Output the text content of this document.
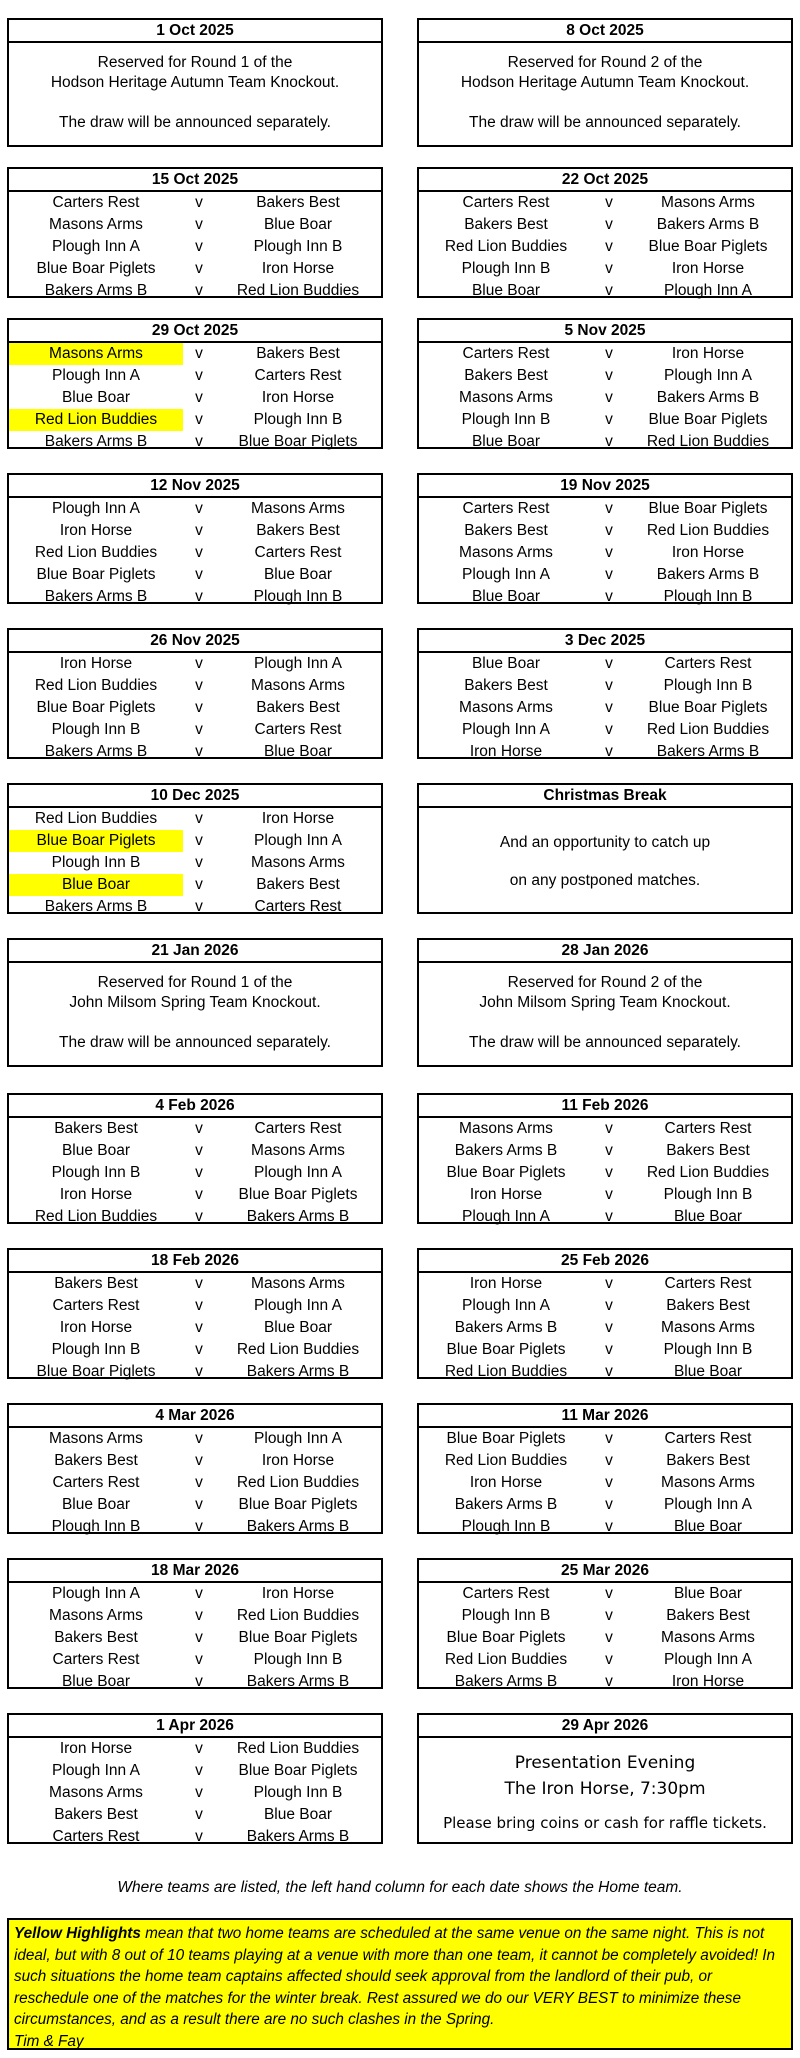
1 Oct 2025
Reserved for Round 1 of the
Hodson Heritage Autumn Team Knockout.
The draw will be announced separately.
8 Oct 2025
Reserved for Round 2 of the
Hodson Heritage Autumn Team Knockout.
The draw will be announced separately.
15 Oct 2025
Carters Rest	v	Bakers Best
Masons Arms	v	Blue Boar
Plough Inn A	v	Plough Inn B
Blue Boar Piglets	v	Iron Horse
Bakers Arms B	v	Red Lion Buddies
22 Oct 2025
Carters Rest	v	Masons Arms
Bakers Best	v	Bakers Arms B
Red Lion Buddies	v	Blue Boar Piglets
Plough Inn B	v	Iron Horse
Blue Boar	v	Plough Inn A
29 Oct 2025
Masons Arms	v	Bakers Best
Plough Inn A	v	Carters Rest
Blue Boar	v	Iron Horse
Red Lion Buddies	v	Plough Inn B
Bakers Arms B	v	Blue Boar Piglets
5 Nov 2025
Carters Rest	v	Iron Horse
Bakers Best	v	Plough Inn A
Masons Arms	v	Bakers Arms B
Plough Inn B	v	Blue Boar Piglets
Blue Boar	v	Red Lion Buddies
12 Nov 2025
Plough Inn A	v	Masons Arms
Iron Horse	v	Bakers Best
Red Lion Buddies	v	Carters Rest
Blue Boar Piglets	v	Blue Boar
Bakers Arms B	v	Plough Inn B
19 Nov 2025
Carters Rest	v	Blue Boar Piglets
Bakers Best	v	Red Lion Buddies
Masons Arms	v	Iron Horse
Plough Inn A	v	Bakers Arms B
Blue Boar	v	Plough Inn B
26 Nov 2025
Iron Horse	v	Plough Inn A
Red Lion Buddies	v	Masons Arms
Blue Boar Piglets	v	Bakers Best
Plough Inn B	v	Carters Rest
Bakers Arms B	v	Blue Boar
3 Dec 2025
Blue Boar	v	Carters Rest
Bakers Best	v	Plough Inn B
Masons Arms	v	Blue Boar Piglets
Plough Inn A	v	Red Lion Buddies
Iron Horse	v	Bakers Arms B
10 Dec 2025
Red Lion Buddies	v	Iron Horse
Blue Boar Piglets	v	Plough Inn A
Plough Inn B	v	Masons Arms
Blue Boar	v	Bakers Best
Bakers Arms B	v	Carters Rest
Christmas Break
And an opportunity to catch up
on any postponed matches.
21 Jan 2026
Reserved for Round 1 of the
John Milsom Spring Team Knockout.
The draw will be announced separately.
28 Jan 2026
Reserved for Round 2 of the
John Milsom Spring Team Knockout.
The draw will be announced separately.
4 Feb 2026
Bakers Best	v	Carters Rest
Blue Boar	v	Masons Arms
Plough Inn B	v	Plough Inn A
Iron Horse	v	Blue Boar Piglets
Red Lion Buddies	v	Bakers Arms B
11 Feb 2026
Masons Arms	v	Carters Rest
Bakers Arms B	v	Bakers Best
Blue Boar Piglets	v	Red Lion Buddies
Iron Horse	v	Plough Inn B
Plough Inn A	v	Blue Boar
18 Feb 2026
Bakers Best	v	Masons Arms
Carters Rest	v	Plough Inn A
Iron Horse	v	Blue Boar
Plough Inn B	v	Red Lion Buddies
Blue Boar Piglets	v	Bakers Arms B
25 Feb 2026
Iron Horse	v	Carters Rest
Plough Inn A	v	Bakers Best
Bakers Arms B	v	Masons Arms
Blue Boar Piglets	v	Plough Inn B
Red Lion Buddies	v	Blue Boar
4 Mar 2026
Masons Arms	v	Plough Inn A
Bakers Best	v	Iron Horse
Carters Rest	v	Red Lion Buddies
Blue Boar	v	Blue Boar Piglets
Plough Inn B	v	Bakers Arms B
11 Mar 2026
Blue Boar Piglets	v	Carters Rest
Red Lion Buddies	v	Bakers Best
Iron Horse	v	Masons Arms
Bakers Arms B	v	Plough Inn A
Plough Inn B	v	Blue Boar
18 Mar 2026
Plough Inn A	v	Iron Horse
Masons Arms	v	Red Lion Buddies
Bakers Best	v	Blue Boar Piglets
Carters Rest	v	Plough Inn B
Blue Boar	v	Bakers Arms B
25 Mar 2026
Carters Rest	v	Blue Boar
Plough Inn B	v	Bakers Best
Blue Boar Piglets	v	Masons Arms
Red Lion Buddies	v	Plough Inn A
Bakers Arms B	v	Iron Horse
1 Apr 2026
Iron Horse	v	Red Lion Buddies
Plough Inn A	v	Blue Boar Piglets
Masons Arms	v	Plough Inn B
Bakers Best	v	Blue Boar
Carters Rest	v	Bakers Arms B
29 Apr 2026
Presentation Evening
The Iron Horse, 7:30pm
Please bring coins or cash for raffle tickets.
Where teams are listed, the left hand column for each date shows the Home team.
Yellow Highlights mean that two home teams are scheduled at the same venue on the same night. This is not ideal, but with 8 out of 10 teams playing at a venue with more than one team, it cannot be completely avoided! In such situations the home team captains affected should seek approval from the landlord of their pub, or reschedule one of the matches for the winter break. Rest assured we do our VERY BEST to minimize these circumstances, and as a result there are no such clashes in the Spring.
Tim & Fay
